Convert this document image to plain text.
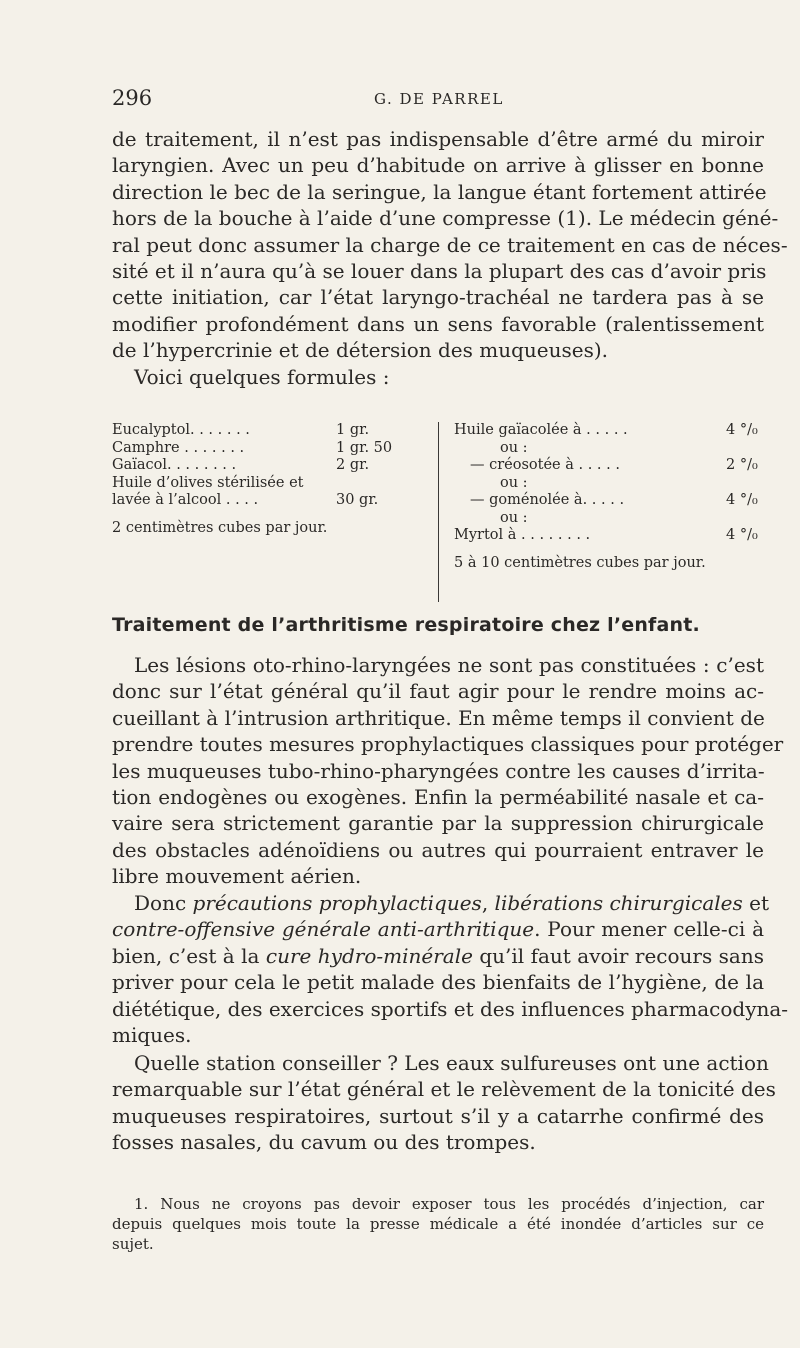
296	G. DE PARREL
de traitement, il n’est pas indispensable d’être armé du miroir
laryngien. Avec un peu d’habitude on arrive à glisser en bonne
direction le bec de la seringue, la langue étant fortement attirée
hors de la bouche à l’aide d’une compresse (1). Le médecin géné-
ral peut donc assumer la charge de ce traitement en cas de néces-
sité et il n’aura qu’à se louer dans la plupart des cas d’avoir pris
cette initiation, car l’état laryngo-trachéal ne tardera pas à se
modifier profondément dans un sens favorable (ralentissement
de l’hypercrinie et de détersion des muqueuses).
Voici quelques formules :
Eucalyptol. . . . . . .	1 gr.
Camphre . . . . . . .	1 gr. 50
Gaïacol. . . . . . . .	2 gr.
Huile d’olives stérilisée et
lavée à l’alcool . . . .	30 gr.
2 centimètres cubes par jour.
Huile gaïacolée à . . . . .	4 °/₀
ou :
— créosotée à . . . . .	2 °/₀
ou :
— goménolée à. . . . .	4 °/₀
ou :
Myrtol à . . . . . . . .	4 °/₀
5 à 10 centimètres cubes par jour.
Traitement de l’arthritisme respiratoire chez l’enfant.
Les lésions oto-rhino-laryngées ne sont pas constituées : c’est
donc sur l’état général qu’il faut agir pour le rendre moins ac-
cueillant à l’intrusion arthritique. En même temps il convient de
prendre toutes mesures prophylactiques classiques pour protéger
les muqueuses tubo-rhino-pharyngées contre les causes d’irrita-
tion endogènes ou exogènes. Enfin la perméabilité nasale et ca-
vaire sera strictement garantie par la suppression chirurgicale
des obstacles adénoïdiens ou autres qui pourraient entraver le
libre mouvement aérien.
Donc précautions prophylactiques, libérations chirurgicales et
contre-offensive générale anti-arthritique. Pour mener celle-ci à
bien, c’est à la cure hydro-minérale qu’il faut avoir recours sans
priver pour cela le petit malade des bienfaits de l’hygiène, de la
diététique, des exercices sportifs et des influences pharmacodyna-
miques.
Quelle station conseiller ? Les eaux sulfureuses ont une action
remarquable sur l’état général et le relèvement de la tonicité des
muqueuses respiratoires, surtout s’il y a catarrhe confirmé des
fosses nasales, du cavum ou des trompes.
1. Nous ne croyons pas devoir exposer tous les procédés d’injection, car
depuis quelques mois toute la presse médicale a été inondée d’articles sur ce
sujet.
